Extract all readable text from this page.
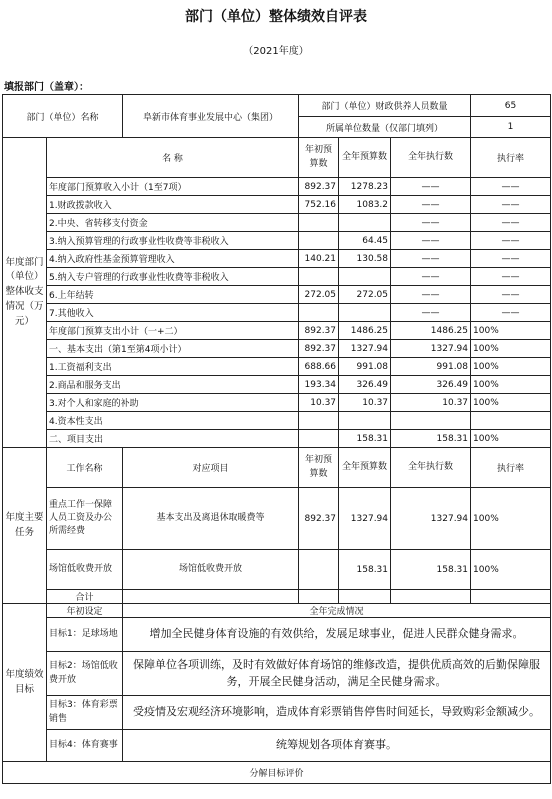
部门（单位）整体绩效自评表
（2021年度）
填报部门（盖章）：
部门（单位）名称		阜新市体育事业发展中心（集团）	部门（单位）财政供养人员数量			65
			所属单位数量（仅部门填列）			1
年度部门（单位）整体收支情况（万元）	名 称		年初预算数	全年预算数	全年执行数	执行率
	年度部门预算收入小计（1至7项）		892.37	1278.23	——	——
	1.财政拨款收入		752.16	1083.2	——	——
	2.中央、省转移支付资金				——	——
	3.纳入预算管理的行政事业性收费等非税收入			64.45	——	——
	4.纳入政府性基金预算管理收入		140.21	130.58	——	——
	5.纳入专户管理的行政事业性收费等非税收入				——	——
	6.上年结转		272.05	272.05	——	——
	7.其他收入				——	——
	年度部门预算支出小计（一+二）		892.37	1486.25	1486.25	100%
	一、基本支出（第1至第4项小计）		892.37	1327.94	1327.94	100%
	1.工资福利支出		688.66	991.08	991.08	100%
	2.商品和服务支出		193.34	326.49	326.49	100%
	3.对个人和家庭的补助		10.37	10.37	10.37	100%
	4.资本性支出					
	二、项目支出			158.31	158.31	100%
年度主要任务	工作名称	对应项目	年初预算数	全年预算数	全年执行数	执行率
	重点工作一保障人员工资及办公所需经费	基本支出及离退休取暖费等	892.37	1327.94	1327.94	100%
	场馆低收费开放	场馆低收费开放		158.31	158.31	100%
	合计					
年度绩效目标	年初设定	全年完成情况				
	目标1：足球场地	增加全民健身体育设施的有效供给，发展足球事业，促进人民群众健身需求。				
	目标2：场馆低收费开放	保障单位各项训练，及时有效做好体育场馆的维修改造，提供优质高效的后勤保障服务，开展全民健身活动，满足全民健身需求。				
	目标3：体育彩票销售	受疫情及宏观经济环境影响，造成体育彩票销售停售时间延长，导致购彩金额减少。				
	目标4：体育赛事	统筹规划各项体育赛事。				
分解目标评价						
